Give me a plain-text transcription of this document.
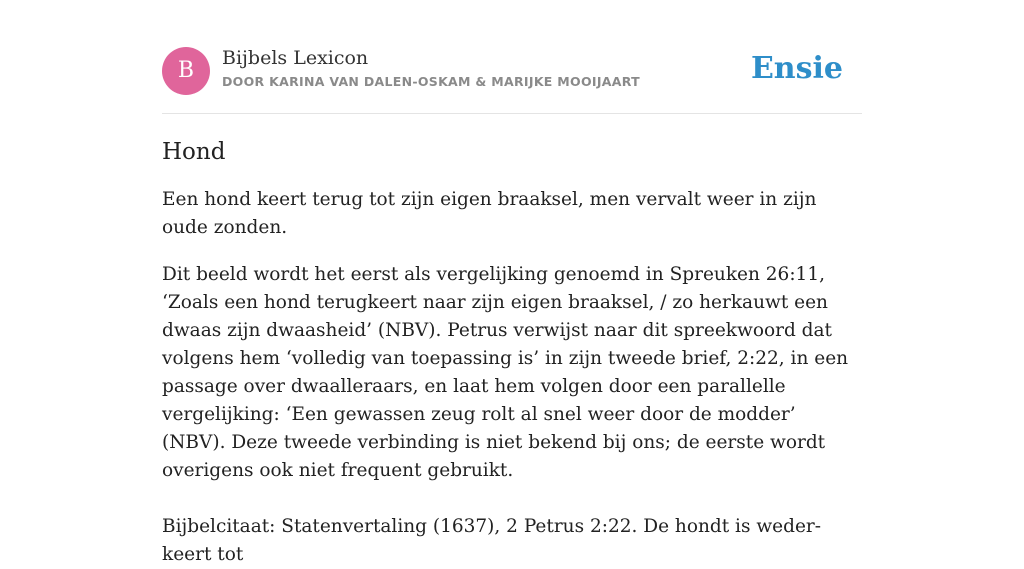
B	Bijbels Lexicon
DOOR KARINA VAN DALEN-OSKAM & MARIJKE MOOIJAART	Ensie
Hond

Een hond keert terug tot zijn eigen braaksel, men vervalt weer in zijn oude zonden.

Dit beeld wordt het eerst als vergelijking genoemd in Spreuken 26:11, ‘Zoals een hond terugkeert naar zijn eigen braaksel, / zo herkauwt een dwaas zijn dwaasheid’ (NBV). Petrus verwijst naar dit spreekwoord dat volgens hem ‘volledig van toepassing is’ in zijn tweede brief, 2:22, in een passage over dwaalleraars, en laat hem volgen door een parallelle vergelijking: ‘Een gewassen zeug rolt al snel weer door de modder’ (NBV). Deze tweede verbinding is niet bekend bij ons; de eerste wordt overigens ook niet frequent gebruikt.

Bijbelcitaat: Statenvertaling (1637), 2 Petrus 2:22. De hondt is weder-keert tot
